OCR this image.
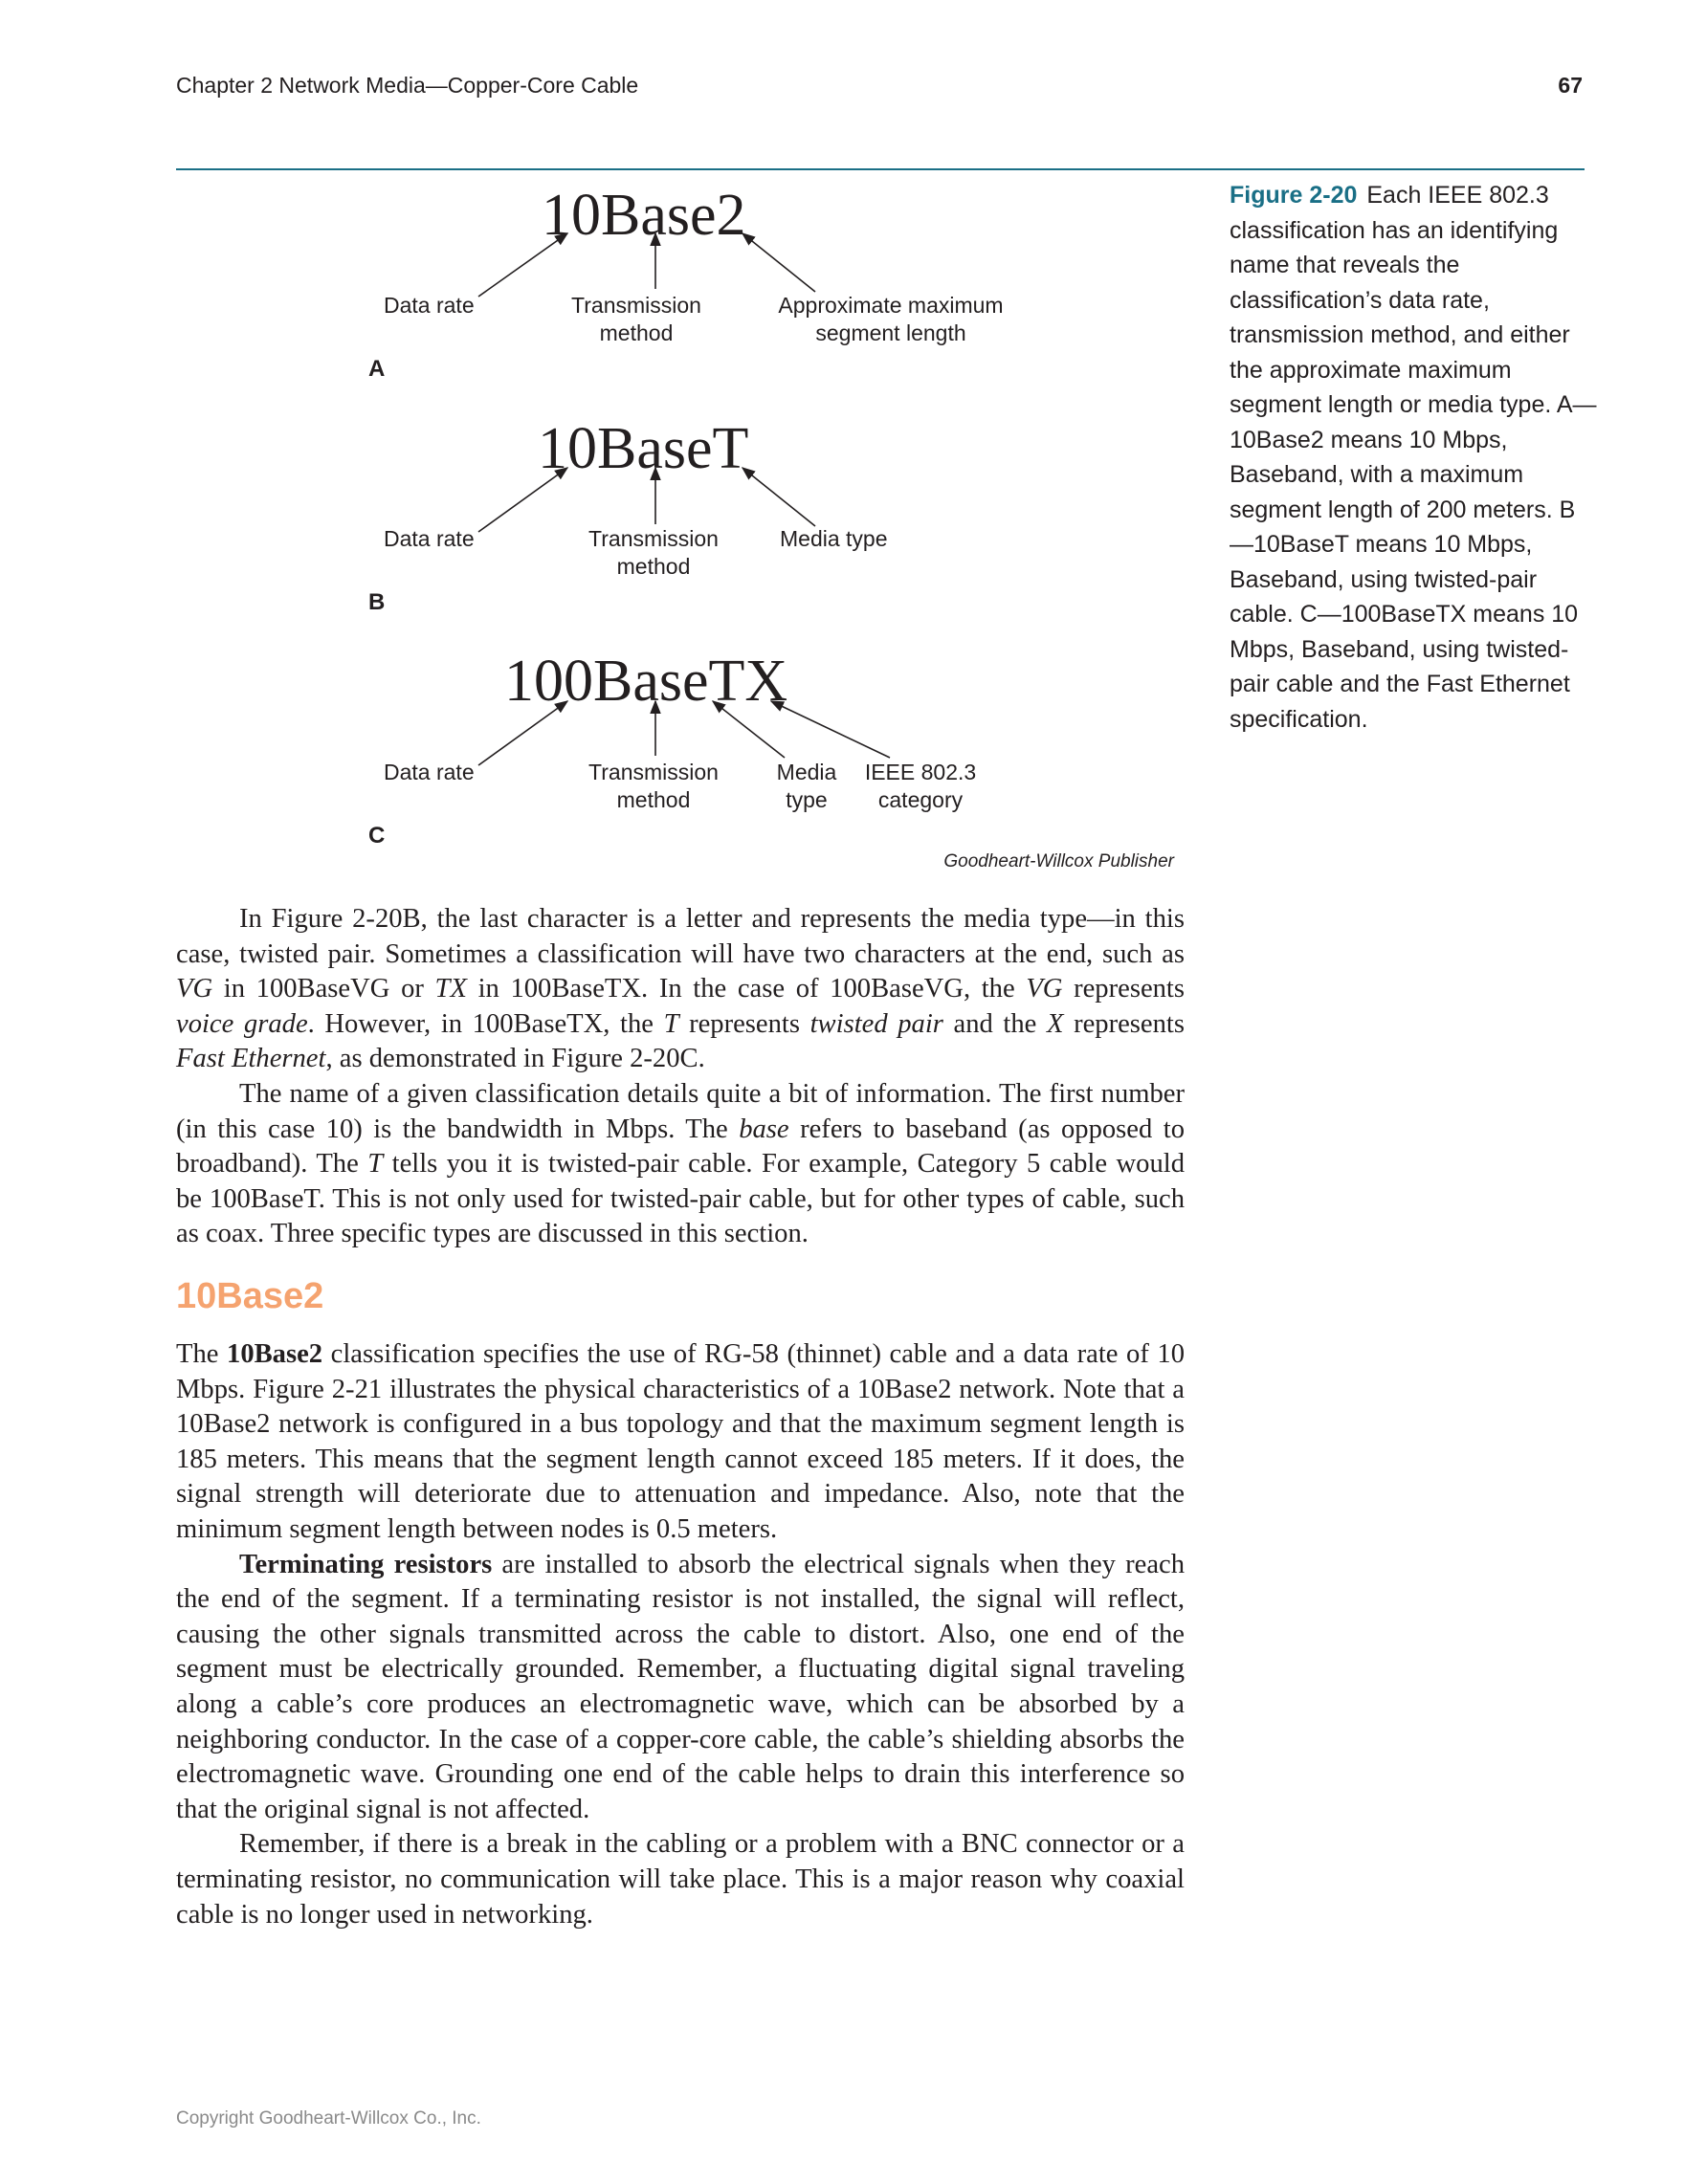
Chapter 2 Network Media—Copper-Core Cable	67
10Base2
Data rate	Transmission
method
Approximate maximum
segment length
A
10BaseT
Data rate	Transmission
method
Media type
B
100BaseTX
Data rate	Transmission
method
Media
type
IEEE 802.3
category
C
Goodheart-Willcox Publisher
Figure 2-20 Each IEEE 802.3 classification has an identifying name that reveals the classification’s data rate, transmission method, and either the approximate maximum segment length or media type. A—10Base2 means 10 Mbps, Baseband, with a maximum segment length of 200 meters. B—10BaseT means 10 Mbps, Baseband, using twisted-pair cable. C—100BaseTX means 10 Mbps, Baseband, using twisted-pair cable and the Fast Ethernet specification.

In Figure 2-20B, the last character is a letter and represents the media type—in this case, twisted pair. Sometimes a classification will have two characters at the end, such as VG in 100BaseVG or TX in 100BaseTX. In the case of 100BaseVG, the VG represents voice grade. However, in 100BaseTX, the T represents twisted pair and the X represents Fast Ethernet, as demonstrated in Figure 2-20C.

The name of a given classification details quite a bit of information. The first number (in this case 10) is the bandwidth in Mbps. The base refers to baseband (as opposed to broadband). The T tells you it is twisted-pair cable. For example, Category 5 cable would be 100BaseT. This is not only used for twisted-pair cable, but for other types of cable, such as coax. Three specific types are discussed in this section.

10Base2

The 10Base2 classification specifies the use of RG-58 (thinnet) cable and a data rate of 10 Mbps. Figure 2-21 illustrates the physical characteristics of a 10Base2 network. Note that a 10Base2 network is configured in a bus topology and that the maximum segment length is 185 meters. This means that the segment length cannot exceed 185 meters. If it does, the signal strength will deteriorate due to attenuation and impedance. Also, note that the minimum segment length between nodes is 0.5 meters.

Terminating resistors are installed to absorb the electrical signals when they reach the end of the segment. If a terminating resistor is not installed, the signal will reflect, causing the other signals transmitted across the cable to distort. Also, one end of the segment must be electrically grounded. Remember, a fluctuating digital signal traveling along a cable’s core produces an electromagnetic wave, which can be absorbed by a neighboring conductor. In the case of a copper-core cable, the cable’s shielding absorbs the electromagnetic wave. Grounding one end of the cable helps to drain this interference so that the original signal is not affected.

Remember, if there is a break in the cabling or a problem with a BNC connector or a terminating resistor, no communication will take place. This is a major reason why coaxial cable is no longer used in networking.

Copyright Goodheart-Willcox Co., Inc.
